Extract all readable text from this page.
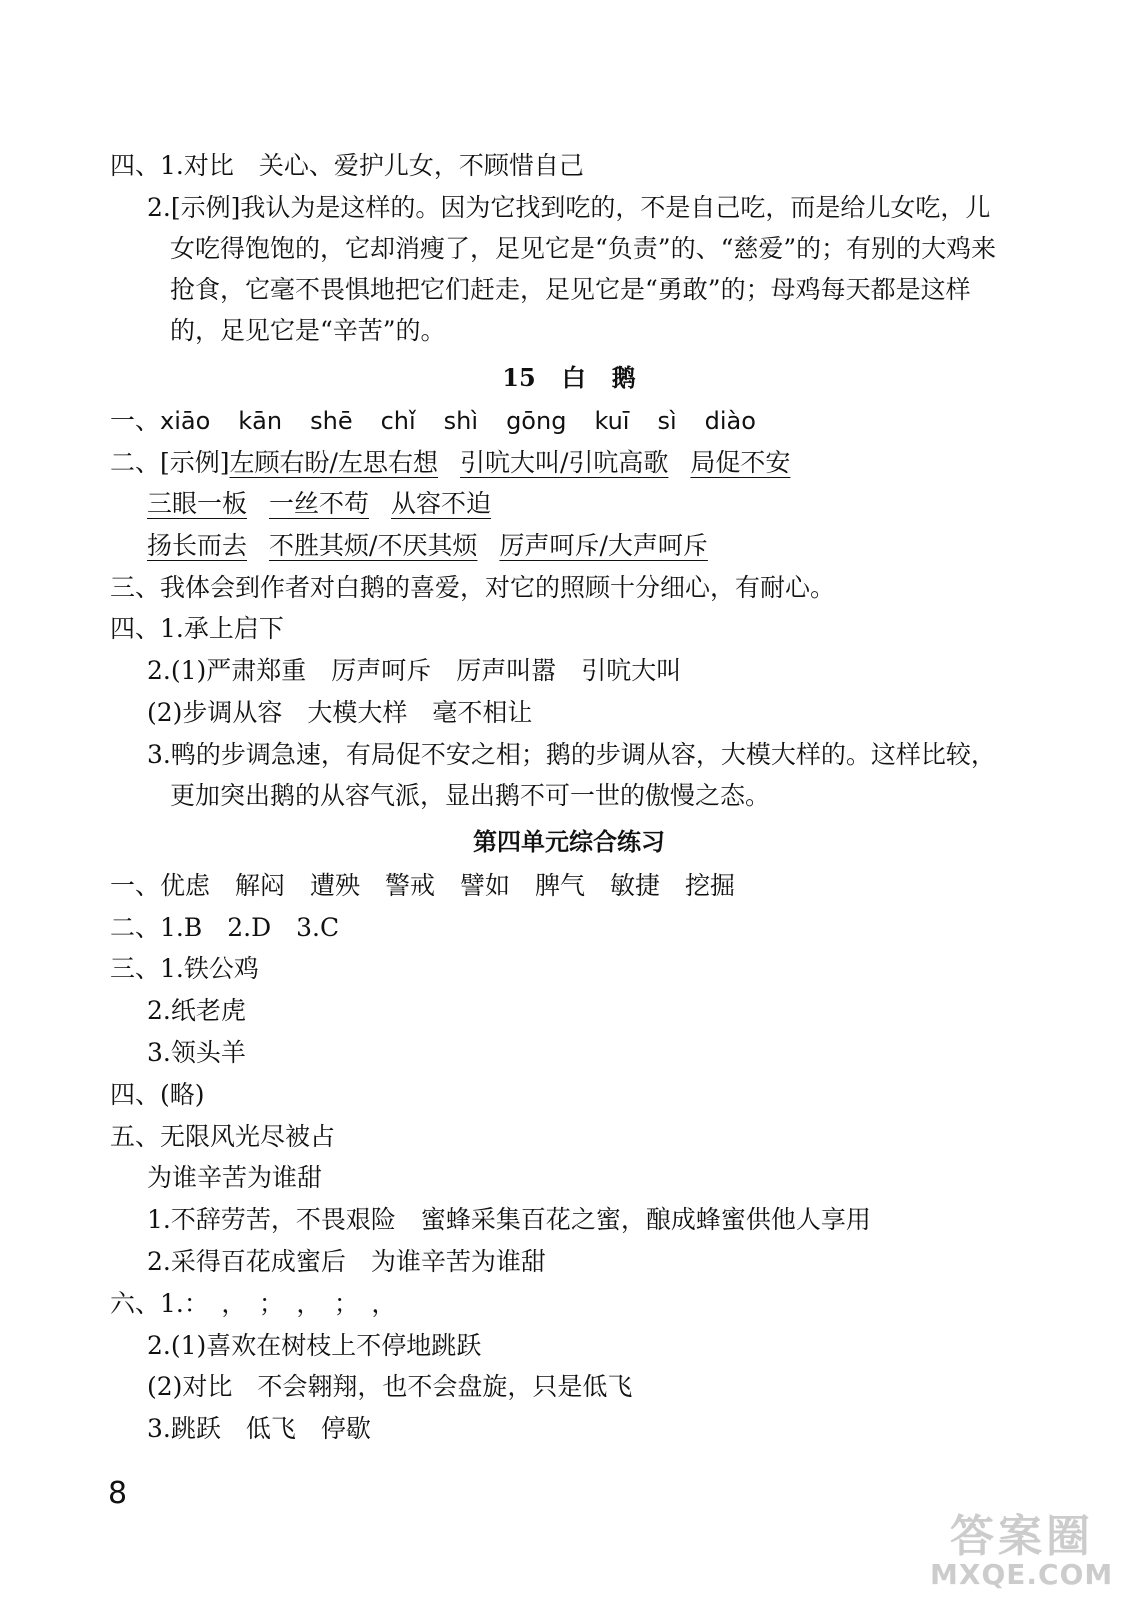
四、1.对比　关心、爱护儿女，不顾惜自己
2.[示例]我认为是这样的。因为它找到吃的，不是自己吃，而是给儿女吃，儿
女吃得饱饱的，它却消瘦了，足见它是“负责”的、“慈爱”的；有别的大鸡来
抢食，它毫不畏惧地把它们赶走，足见它是“勇敢”的；母鸡每天都是这样
的，足见它是“辛苦”的。
15 白 鹅
一、xiāo kān shē chǐ shì gōng kuī sì diào
二、[示例]左顾右盼/左思右想 引吭大叫/引吭高歌 局促不安
三眼一板 一丝不苟 从容不迫
扬长而去 不胜其烦/不厌其烦 厉声呵斥/大声呵斥
三、我体会到作者对白鹅的喜爱，对它的照顾十分细心，有耐心。
四、1.承上启下
2.(1)严肃郑重　厉声呵斥　厉声叫嚣　引吭大叫
(2)步调从容　大模大样　毫不相让
3.鸭的步调急速，有局促不安之相；鹅的步调从容，大模大样的。这样比较，
更加突出鹅的从容气派，显出鹅不可一世的傲慢之态。
第四单元综合练习
一、优虑　解闷　遭殃　警戒　譬如　脾气　敏捷　挖掘
二、1.B　2.D　3.C
三、1.铁公鸡
2.纸老虎
3.领头羊
四、(略)
五、无限风光尽被占
为谁辛苦为谁甜
1.不辞劳苦，不畏艰险　蜜蜂采集百花之蜜，酿成蜂蜜供他人享用
2.采得百花成蜜后　为谁辛苦为谁甜
六、1.：　，　；　，　；　，
2.(1)喜欢在树枝上不停地跳跃
(2)对比　不会翱翔，也不会盘旋，只是低飞
3.跳跃　低飞　停歇
8
答案圈
MXQE.COM
